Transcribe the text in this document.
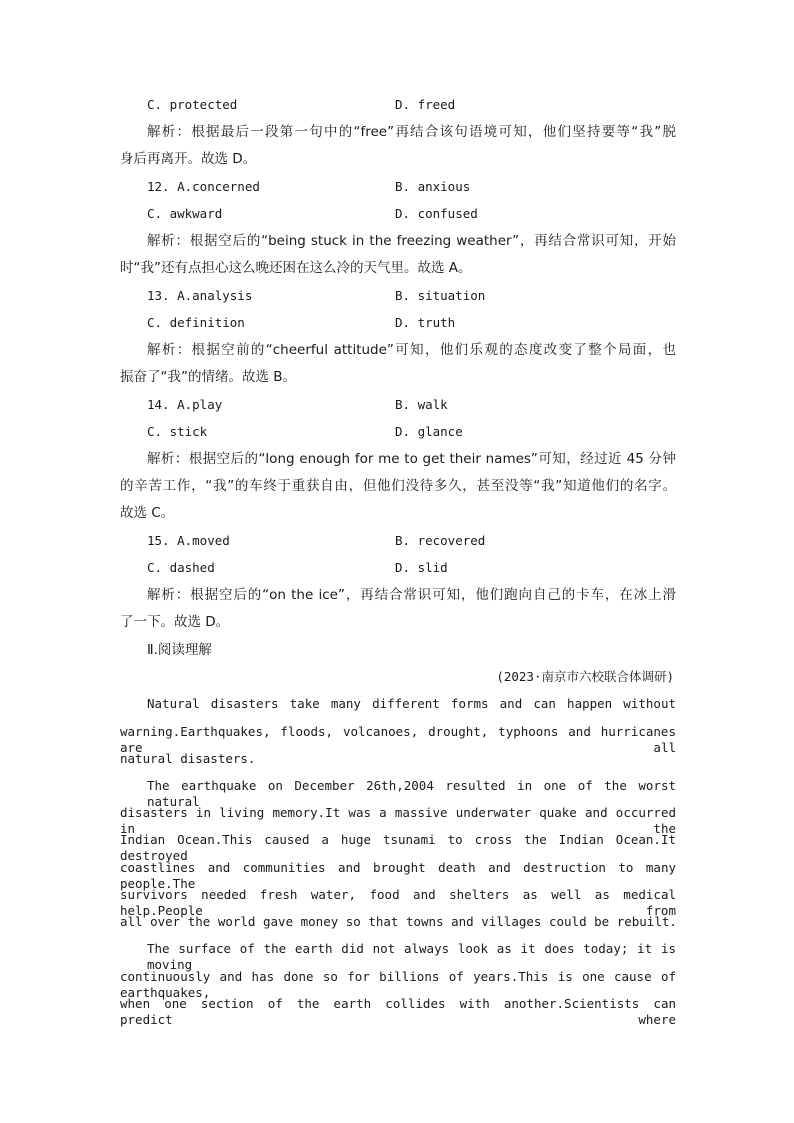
C. protected	D. freed
解析：根据最后一段第一句中的“free”再结合该句语境可知，他们坚持要等“我”脱
身后再离开。故选 D。
12. A.concerned	B. anxious
C. awkward	D. confused
解析：根据空后的“being stuck in the freezing weather”，再结合常识可知，开始
时“我”还有点担心这么晚还困在这么冷的天气里。故选 A。
13. A.analysis	B. situation
C. definition	D. truth
解析：根据空前的“cheerful attitude”可知，他们乐观的态度改变了整个局面，也
振奋了“我”的情绪。故选 B。
14. A.play	B. walk
C. stick	D. glance
解析：根据空后的“long enough for me to get their names”可知，经过近 45 分钟
的辛苦工作，“我”的车终于重获自由，但他们没待多久，甚至没等“我”知道他们的名字。
故选 C。
15. A.moved	B. recovered
C. dashed	D. slid
解析：根据空后的“on the ice”，再结合常识可知，他们跑向自己的卡车，在冰上滑
了一下。故选 D。
Ⅱ.阅读理解
(2023·南京市六校联合体调研)
Natural disasters take many different forms and can happen without
warning.Earthquakes, floods, volcanoes, drought, typhoons and hurricanes are all
natural disasters.
The earthquake on December 26th,2004 resulted in one of the worst natural
disasters in living memory.It was a massive underwater quake and occurred in the
Indian Ocean.This caused a huge tsunami to cross the Indian Ocean.It destroyed
coastlines and communities and brought death and destruction to many people.The
survivors needed fresh water, food and shelters as well as medical help.People from
all over the world gave money so that towns and villages could be rebuilt.
The surface of the earth did not always look as it does today; it is moving
continuously and has done so for billions of years.This is one cause of earthquakes,
when one section of the earth collides with another.Scientists can predict where
